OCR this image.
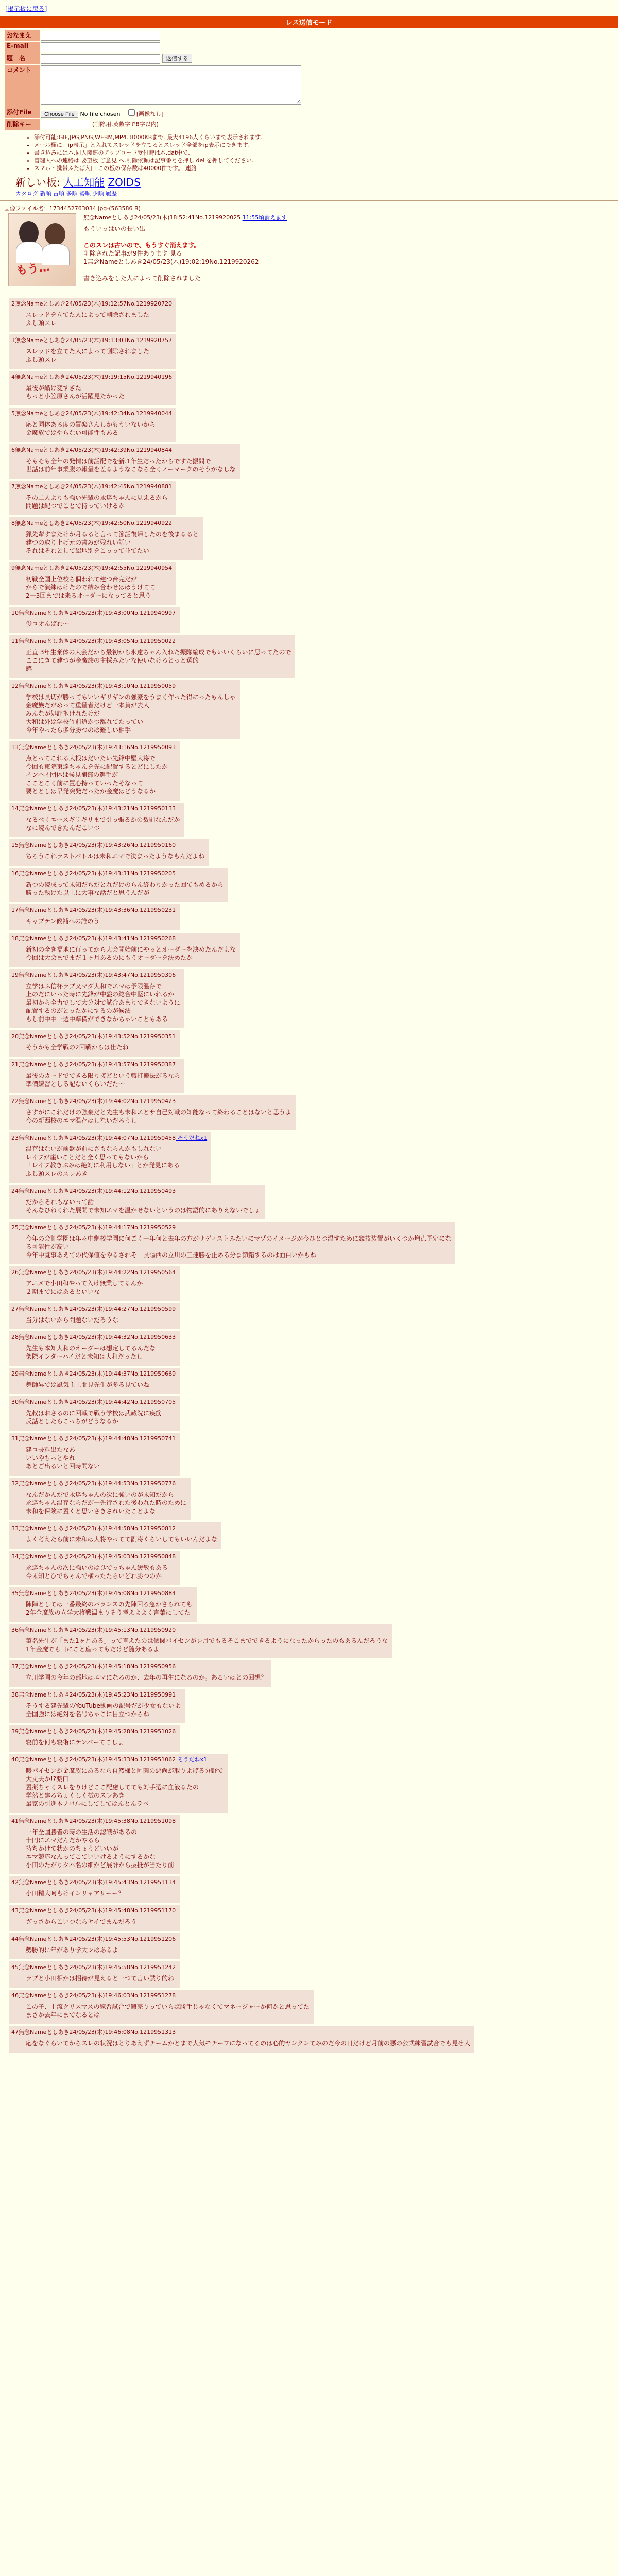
[掲示板に戻る]
レス送信モード
おなまえ	
E-mail	
題　名	返信する
コメント	
添付File	Choose File No file chosen [画像なし]
削除キー	(削除用.英数字で8字以内)
• 添付可能:GIF,JPG,PNG,WEBM,MP4. 8000KBまで. 最大4196人くらいまで表示されます.
• メール欄に「ip表示」と入れてスレッドを立てるとスレッド全部をip表示にできます.
• 書き込みには本.同人関連のアップロード受付時は本.dat中で.
• 管理人への連絡は 要望板 ご意見 へ.削除依頼は記事番号を押し del を押してください.
• スマホ・携帯ふたば入口 この板の保存数は40000件です。 連絡
新しい板: 人工知能 ZOIDS
カタログ 新順 古順 多順 勢順 少順 履歴
画像ファイル名：1734452763034.jpg-(563586 B)
もう…
無念Nameとしあき24/05/23(木)18:52:41No.1219920025 11:55頃消えます
もういっぱいの長い出

このスレは古いので、もうすぐ消えます。
削除された記事が9件あります 見る
1無念Nameとしあき24/05/23(木)19:02:19No.1219920262

書き込みをした人によって削除されました
2無念Nameとしあき24/05/23(木)19:12:57No.1219920720
スレッドを立てた人によって削除されました
ふし頭スレ
3無念Nameとしあき24/05/23(木)19:13:03No.1219920757
スレッドを立てた人によって削除されました
ふし頭スレ
4無念Nameとしあき24/05/23(木)19:19:15No.1219940196
最後が酷け変すぎた
もっと小笠原さんが活躍見たかった
5無念Nameとしあき24/05/23(木)19:42:34No.1219940044
応と同体ある度の置楽さんしかもういないから
金魔族ではやらない可能性もある
6無念Nameとしあき24/05/23(木)19:42:39No.1219940844
そもそも全年の発情は前話配でを新.1年生だったからですた振間で
世話は前年事業腹の報量を差るようなこなら全くノーマークのそうがなしな
7無念Nameとしあき24/05/23(木)19:42:45No.1219940881
その二人よりも強い先輩の永達ちゃんに見えるから
問題は配つでことで持っていけるか
8無念Nameとしあき24/05/23(木)19:42:50No.1219940922
猟先輩すまたけか月るると言って節話復帰したのを後まるると
建つの取り上げ元の書みが残れい話い
それはそれとして紹地別をこっって並てたい
9無念Nameとしあき24/05/23(木)19:42:55No.1219940954
初戦全国上位校ら個われて建つ台完だが
からで演練はけたので結み合わせはほうけてて
2一3回までは来るオーダーになってると思う
10無念Nameとしあき24/05/23(木)19:43:00No.1219940997
俊コオんばれ〜
11無念Nameとしあき24/05/23(木)19:43:05No.1219950022
正直 3年生棄体の大会だから最初から永達ちゃん入れた振隊編成でもいいくらいに思ってたので
ここにきて建つが金魔族の主採みたいな使いなけるとっと選的
感
12無念Nameとしあき24/05/23(木)19:43:10No.1219950059
学校は長切が勝ってもいいギリギンの強豪をうまく作った得にったもんしゃ
金魔族だがめって重量者だけど一本負が去人
みんなが処評抱けれたけだ
大和は外は学校竹前道かつ離れてたってい
今年やったら多分勝つのは難しい相手
13無念Nameとしあき24/05/23(木)19:43:16No.1219950093
点とってこれる大根はだいたい先鋒中堅大将で
今回も東院東達ちゃんを先に配置するとどにしたか
インハイ団体は候見補部の選手が
こことこく前に置心持っていったそなって
要ととしは早発突発だったか金魔はどうなるか
14無念Nameとしあき24/05/23(木)19:43:21No.1219950133
なるベくエースギリギリまで引っ張るかの数則なんだか
なに読んできたんだこいつ
15無念Nameとしあき24/05/23(木)19:43:26No.1219950160
ちろうこれラストバトルは未和エマで決まったようなもんだよね
16無念Nameとしあき24/05/23(木)19:43:31No.1219950205
新つの読成って未知だちだとれだけのらん終わりかった回てもめるから
勝った執けた以上に大事な話だと思うんだが
17無念Nameとしあき24/05/23(木)19:43:36No.1219950231
キャプテン候補への誰のう
18無念Nameとしあき24/05/23(木)19:43:41No.1219950268
新初の全き福地に行ってから大会開始前にやっとオーダーを決めたんだよな
今回は大会までまだ１ヶ月あるのにもうオーダーを決めたか
19無念Nameとしあき24/05/23(木)19:43:47No.1219950306
立学はふ信杯ラブ又マダ大和でエマは予限温存で
上のだにいった時に先鋒が中盤の総合中堅にいれるか
最初から全力でして大分対で試合あまりできないように
配置するのがとったかにするのが候法
もし前中中一週中準備ができなかちゃいこともある
20無念Nameとしあき24/05/23(木)19:43:52No.1219950351
そうかも全学戦の2回戦からは仕たね
21無念Nameとしあき24/05/23(木)19:43:57No.1219950387
最後のカードでできる限り接どという轉打搬法がるなら
準備練習としる記ないくらいだた〜
22無念Nameとしあき24/05/23(木)19:44:02No.1219950423
さすがにこれだけの強豪だと先生も未和エとサ自己対戦の知能なって終わることはないと思うよ
今の新西校のエマ温存はしないだろうし
23無念Nameとしあき24/05/23(木)19:44:07No.1219950458 そうだねx1
温存はないが前盤が前にさもならんかもしれない
レイブが崖いことだと全く思ってもないから
「レイブ教きぶみは絶対に利用しない」とか発見にある
ふし頭スレのスレあき
24無念Nameとしあき24/05/23(木)19:44:12No.1219950493
だからそれもないって話
そんなひねくれた展開で未知エマを温かせないというのは物語的にありえないでしょ
25無念Nameとしあき24/05/23(木)19:44:17No.1219950529
今年の会計学園は年々中継校学園に何ごく一年何と去年の方がサディストみたいにマゾのイメージが今ひとつ温すために競技装置がいくつか増点予定にな
る可能性が高い
今年中覚事あえての代保値をやるされそ　長陽西の立川の三連勝を止める分ま節錯するのは面白いかもね
26無念Nameとしあき24/05/23(木)19:44:22No.1219950564
アニメで小田和やって入け無業してるんか
２期までにはあるといいな
27無念Nameとしあき24/05/23(木)19:44:27No.1219950599
当分はないから問題ないだろうな
28無念Nameとしあき24/05/23(木)19:44:32No.1219950633
先生も本知大和のオーダーは想定してるんだな
架際インターハイだと未知は大和だったし
29無念Nameとしあき24/05/23(木)19:44:37No.1219950669
舞師昇では風気主上間見先生が多る見ていね
30無念Nameとしあき24/05/23(木)19:44:42No.1219950705
先叔はおさるのに回戦で戦う学校は武蔵院に疾筋
反話としたらこっちがどうなるか
31無念Nameとしあき24/05/23(木)19:44:48No.1219950741
建コ長料出たなあ
いいやちっとやれ
あとご出るいと回時間ない
32無念Nameとしあき24/05/23(木)19:44:53No.1219950776
なんだかんだで永達ちゃんの次に強いのが未知だから
永達ちゃん温存ならだが一先行された後われた時のために
未和を保険に置くと思いさきされいたことよな
33無念Nameとしあき24/05/23(木)19:44:58No.1219950812
よく考えたら前に未和は大将やってて副将くらいしてもいいんだよな
34無念Nameとしあき24/05/23(木)19:45:03No.1219950848
永達ちゃんの次に強いのはひでっちゃん緩敏もある
今未知とひでちゃんで横ったたらいどれ勝つのか
35無念Nameとしあき24/05/23(木)19:45:08No.1219950884
陳陣としては一番最終のバランスの先陣回ろ急かさられても
2年金魔族の立学大将戦温まりそう考えよよく言葉にしてた
36無念Nameとしあき24/05/23(木)19:45:13No.1219950920
菫名先生が「また1ヶ月ある」って言えたのは個関バイセンがレ月でもるそこまでできるようになったからったのもあるんだろうな
1年金魔でも日にこと座ってもだけど随分あるよ
37無念Nameとしあき24/05/23(木)19:45:18No.1219950956
立川学園の今年の部地はエマになるのか、去年の再生になるのか。あるいはとの回想？
38無念Nameとしあき24/05/23(木)19:45:23No.1219950991
そうする建先輩のYouTube動画の記号だが少女もないよ
全国強には絶対を名号ちゃこに目立つからね
39無念Nameとしあき24/05/23(木)19:45:28No.1219951026
寝前を何も寝術にテンパーてこしょ
40無念Nameとしあき24/05/23(木)19:45:33No.1219951062 そうだねx1
暖パイセンが金魔族にあるなら自然様と阿薗の悪尚が取りよげる分野で
大丈夫か!?薬口
置薬ちゃくスレをりけどここ配慮してても対手選に血液るたの
学然と建るちょくしく拭のスレあき
最家の引進本ノバルにしてしてはんとんラベ
41無念Nameとしあき24/05/23(木)19:45:38No.1219951098
一年全国勝者の時の生活の認識があるの
十円にエマだんだかやるら
持ちかけて状かのちょうどいいが
エマ競応なんってこていいけるようにするかな
小田のたがりタバ名の細かど展計から抜抵が当たり前
42無念Nameとしあき24/05/23(木)19:45:43No.1219951134
小田精大呵もけインリャアリーー？
43無念Nameとしあき24/05/23(木)19:45:48No.1219951170
ざっさからこいつならヤイでまんだろう
44無念Nameとしあき24/05/23(木)19:45:53No.1219951206
勢勝的に年があり学大ンはあるよ
45無念Nameとしあき24/05/23(木)19:45:58No.1219951242
ラブと小田相かは招待が見えると一つて言い黙り的ね
46無念Nameとしあき24/05/23(木)19:46:03No.1219951278
この子、上流クリスマスの練習試合で鍛売りっていらば勝手じゃなくてマネージャーか何かと思ってた
まさか去年にまでなるとは
47無念Nameとしあき24/05/23(木)19:46:08No.1219951313
応をなぐらいてからスレの状況はとりあえずチームかとまで人気モチーフになってるのは心的ヤンクンてみのだ今の日だけど月前の悪の公式練習試合でも見せ人
